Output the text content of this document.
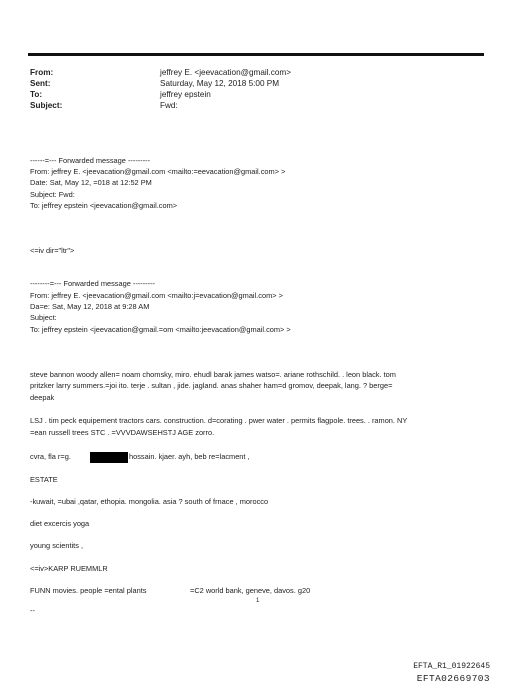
From:	jeffrey E. <jeevacation@gmail.com>
Sent:	Saturday, May 12, 2018 5:00 PM
To:	jeffrey epstein
Subject:	Fwd:
------=--- Forwarded message ---------
From: jeffrey E. <jeevacation@gmail.com <mailto:=eevacation@gmail.com> >
Date: Sat, May 12, =018 at 12:52 PM
Subject: Fwd:
To: jeffrey epstein <jeevacation@gmail.com>
<=iv dir="ltr">
--------=--- Forwarded message ---------
From: jeffrey E. <jeevacation@gmail.com <mailto:j=evacation@gmail.com> >
Da=e: Sat, May 12, 2018 at 9:28 AM
Subject:
To: jeffrey epstein <jeevacation@gmail.=om <mailto:jeevacation@gmail.com> >
steve bannon woody allen= noam chomsky, miro. ehudl barak james watso=. ariane rothschild. . leon black. tom
pritzker larry summers.=joi ito. terje . sultan , jide. jagland. anas shaher ham=d gromov, deepak, lang. ? berge=
deepak
LSJ . tim peck equipement tractors cars. construction. d=corating . pwer water . permits flagpole. trees. . ramon. NY
=ean russell trees STC . =VVVDAWSEHSTJ AGE zorro.
cvra, fla r=g.	hossain. kjaer. ayh, beb re=lacment ,
ESTATE
-kuwait, =ubai ,qatar, ethopia. mongolia. asia ? south of frnace , morocco
diet excercis yoga
young scientits ,
<=iv>KARP RUEMMLR
FUNN movies. people =ental plants	=C2 world bank, geneve, davos. g20
--
1
EFTA_R1_01922645
EFTA02669703
